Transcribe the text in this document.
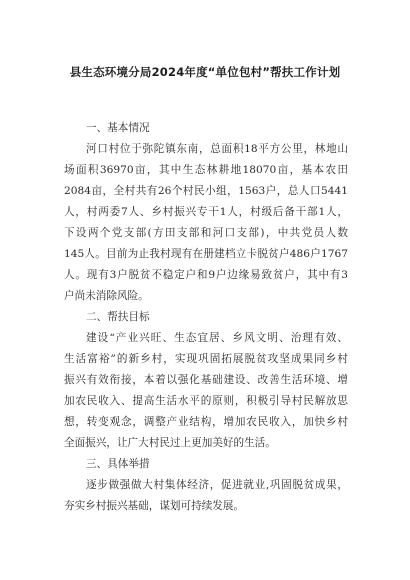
县生态环境分局2024年度“单位包村”帮扶工作计划
一、基本情况
河口村位于弥陀镇东南，总面积18平方公里，林地山
场面积36970亩，其中生态林耕地18070亩，基本农田
2084亩，全村共有26个村民小组，1563户，总人口5441
人，村两委7人、乡村振兴专干1人，村级后备干部1人，
下设两个党支部(方田支部和河口支部)，中共党员人数
145人。目前为止我村现有在册建档立卡脱贫户486户1767
人。现有3户脱贫不稳定户和9户边缘易致贫户，其中有3
户尚未消除风险。
二、帮扶目标
建设“产业兴旺、生态宜居、乡风文明、治理有效、
生活富裕”的新乡村，实现巩固拓展脱贫攻坚成果同乡村
振兴有效衔接，本着以强化基础建设、改善生活环境、增
加农民收入、提高生活水平的原则，积极引导村民解放思
想，转变观念，调整产业结构，增加农民收入，加快乡村
全面振兴，让广大村民过上更加美好的生活。
三、具体举措
逐步做强做大村集体经济，促进就业,巩固脱贫成果，
夯实乡村振兴基础，谋划可持续发展。
